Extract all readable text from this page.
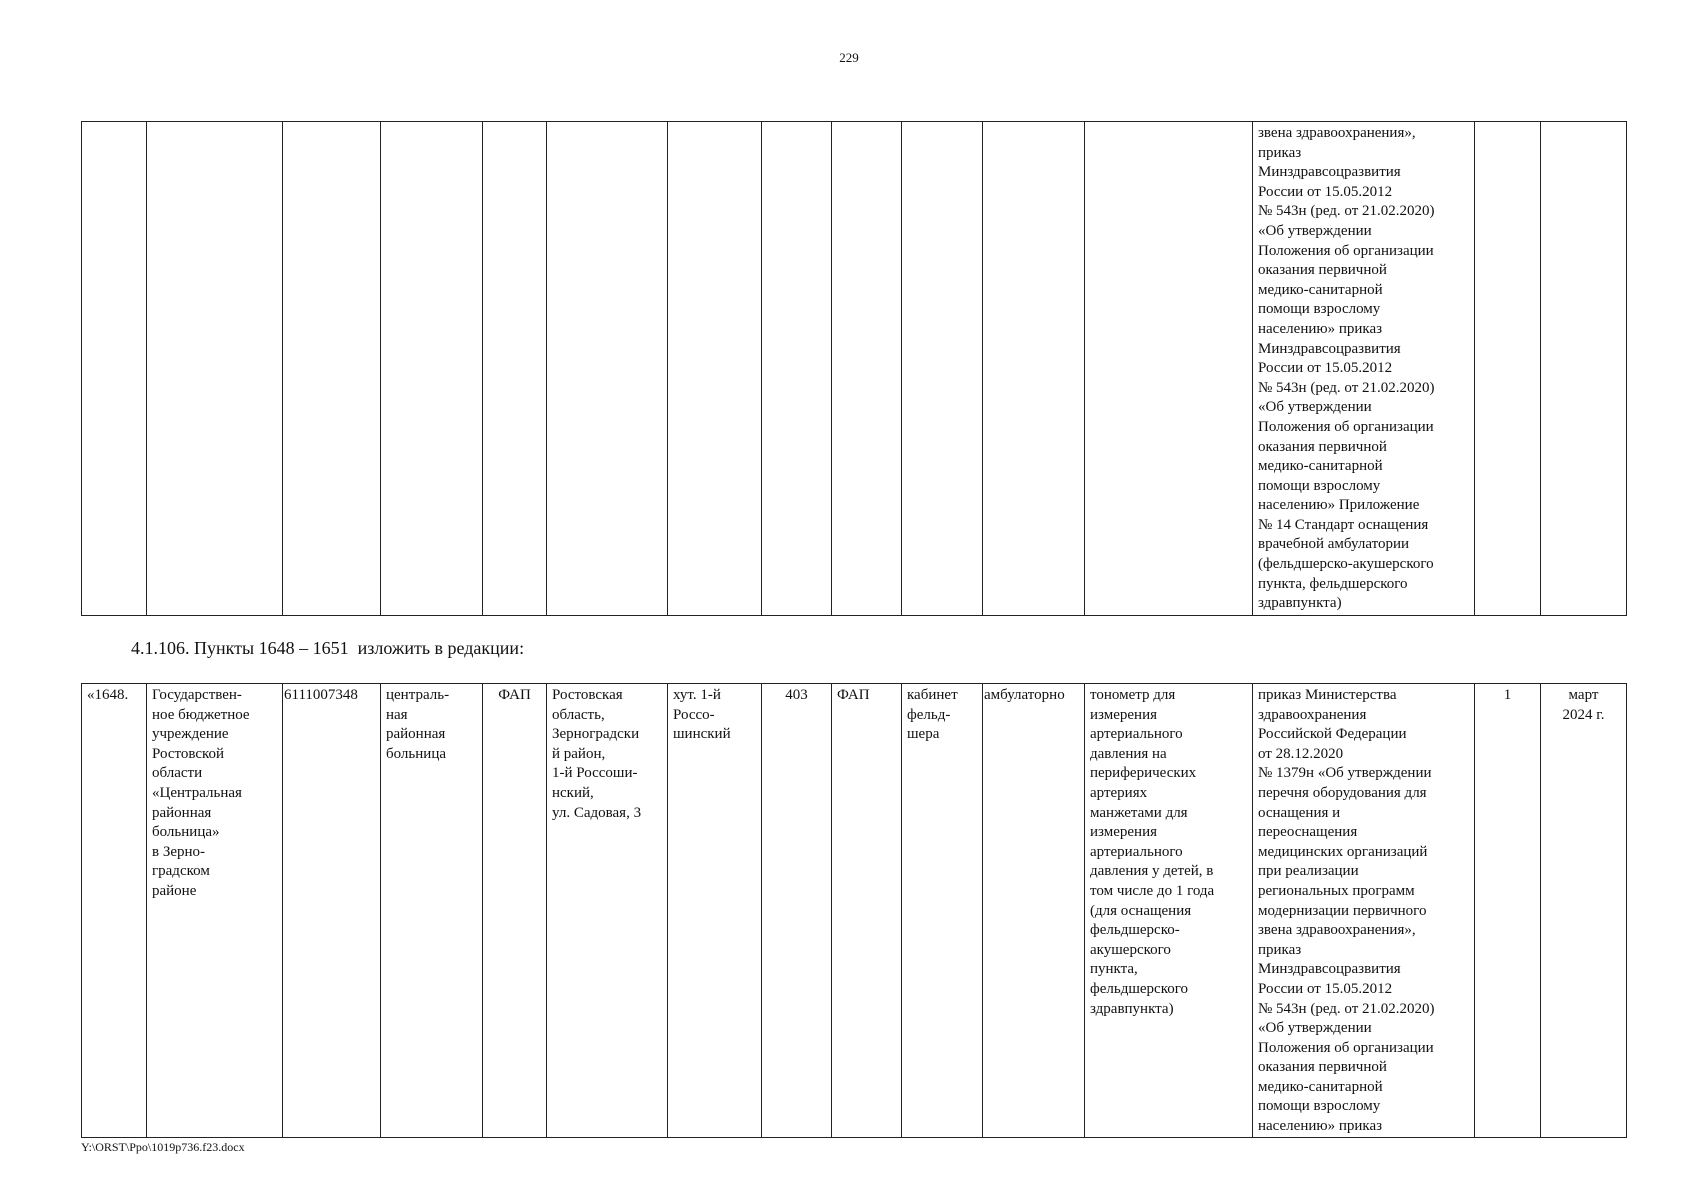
229
												звена здравоохранения»,
приказ
Минздравсоцразвития
России от 15.05.2012
№ 543н (ред. от 21.02.2020)
«Об утверждении
Положения об организации
оказания первичной
медико-санитарной
помощи взрослому
населению» приказ
Минздравсоцразвития
России от 15.05.2012
№ 543н (ред. от 21.02.2020)
«Об утверждении
Положения об организации
оказания первичной
медико-санитарной
помощи взрослому
населению» Приложение
№ 14 Стандарт оснащения
врачебной амбулатории
(фельдшерско-акушерского
пункта, фельдшерского
здравпункта)		
4.1.106. Пункты 1648 – 1651  изложить в редакции:
«1648.	Государствен-
ное бюджетное
учреждение
Ростовской
области
«Центральная
районная
больница»
в Зерно-
градском
районе	6111007348	централь-
ная
районная
больница	ФАП	Ростовская
область,
Зерноградски
й район,
1-й Россоши-
нский,
ул. Садовая, 3	хут. 1-й
Россо-
шинский	403	ФАП	кабинет
фельд-
шера	амбулаторно	тонометр для
измерения
артериального
давления на
периферических
артериях
манжетами для
измерения
артериального
давления у детей, в
том числе до 1 года
(для оснащения
фельдшерско-
акушерского
пункта,
фельдшерского
здравпункта)	приказ Министерства
здравоохранения
Российской Федерации
от 28.12.2020
№ 1379н «Об утверждении
перечня оборудования для
оснащения и
переоснащения
медицинских организаций
при реализации
региональных программ
модернизации первичного
звена здравоохранения»,
приказ
Минздравсоцразвития
России от 15.05.2012
№ 543н (ред. от 21.02.2020)
«Об утверждении
Положения об организации
оказания первичной
медико-санитарной
помощи взрослому
населению» приказ	1	март
2024 г.
Y:\ORST\Ppo\1019p736.f23.docx
